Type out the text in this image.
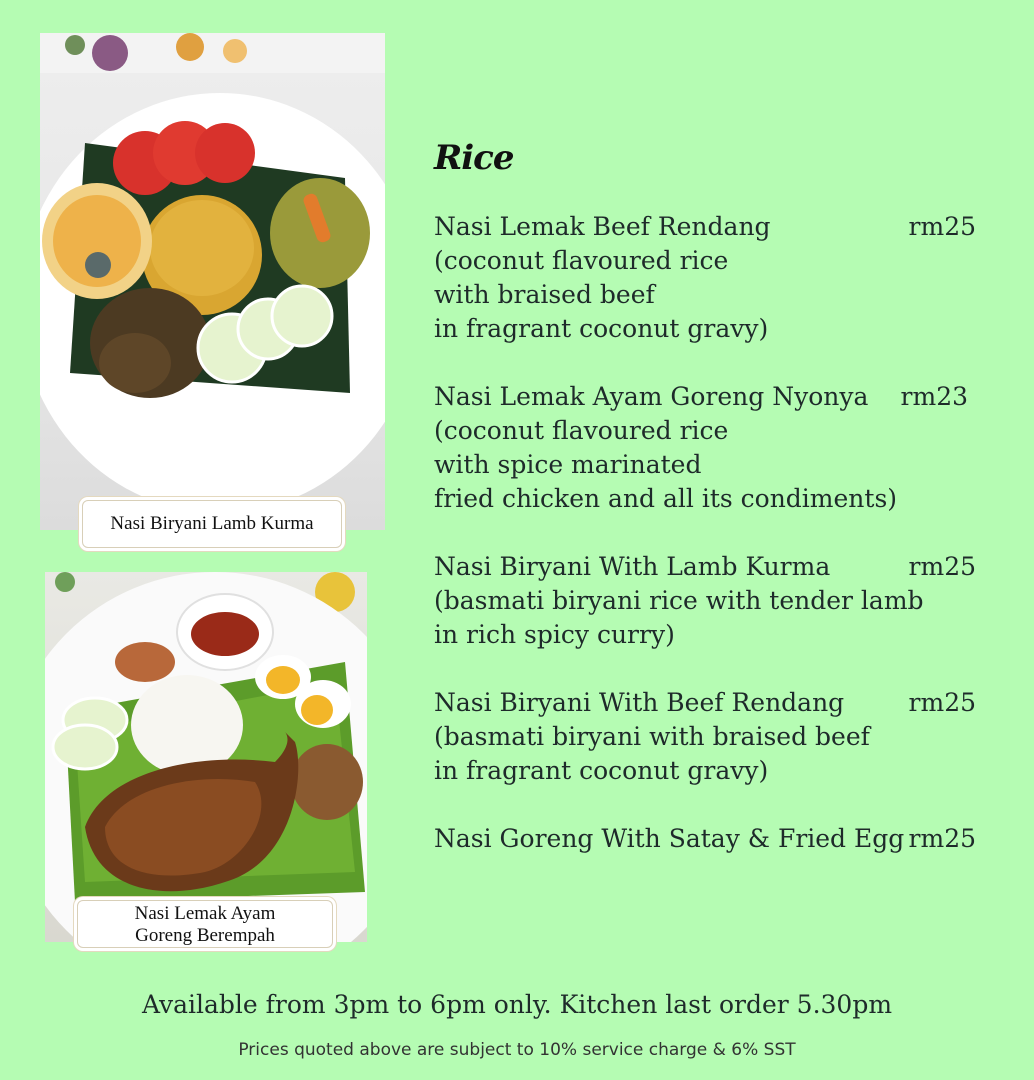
Nasi Biryani Lamb Kurma
Nasi Lemak Ayam
Goreng Berempah
Rice
Nasi Lemak Beef Rendang	rm25
(coconut flavoured rice
with braised beef
in fragrant coconut gravy)
Nasi Lemak Ayam Goreng Nyonya rm23
(coconut flavoured rice
with spice marinated
fried chicken and all its condiments)
Nasi Biryani With Lamb Kurma	rm25
(basmati biryani rice with tender lamb
in rich spicy curry)
Nasi Biryani With Beef Rendang	rm25
(basmati biryani with braised beef
in fragrant coconut gravy)
Nasi Goreng With Satay & Fried Egg rm25
Available from 3pm to 6pm only. Kitchen last order 5.30pm
Prices quoted above are subject to 10% service charge & 6% SST
